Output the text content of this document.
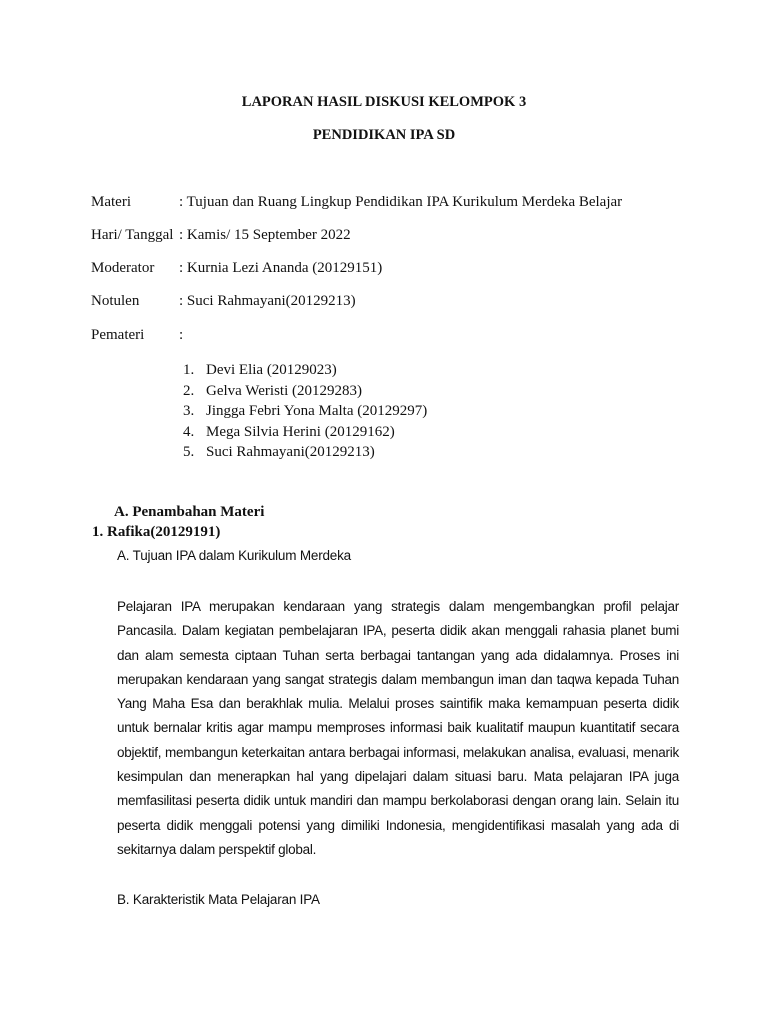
LAPORAN HASIL DISKUSI KELOMPOK 3
PENDIDIKAN IPA SD
Materi	: Tujuan dan Ruang Lingkup Pendidikan IPA Kurikulum Merdeka Belajar
Hari/ Tanggal : Kamis/ 15 September 2022
Moderator	: Kurnia Lezi Ananda (20129151)
Notulen	: Suci Rahmayani(20129213)
Pemateri	:
1. Devi Elia (20129023)
2. Gelva Weristi (20129283)
3. Jingga Febri Yona Malta (20129297)
4. Mega Silvia Herini (20129162)
5. Suci Rahmayani(20129213)
A. Penambahan Materi
1. Rafika(20129191)
A. Tujuan IPA dalam Kurikulum Merdeka
Pelajaran IPA merupakan kendaraan yang strategis dalam mengembangkan profil pelajar Pancasila. Dalam kegiatan pembelajaran IPA, peserta didik akan menggali rahasia planet bumi dan alam semesta ciptaan Tuhan serta berbagai tantangan yang ada didalamnya. Proses ini merupakan kendaraan yang sangat strategis dalam membangun iman dan taqwa kepada Tuhan Yang Maha Esa dan berakhlak mulia. Melalui proses saintifik maka kemampuan peserta didik untuk bernalar kritis agar mampu memproses informasi baik kualitatif maupun kuantitatif secara objektif, membangun keterkaitan antara berbagai informasi, melakukan analisa, evaluasi, menarik kesimpulan dan menerapkan hal yang dipelajari dalam situasi baru. Mata pelajaran IPA juga memfasilitasi peserta didik untuk mandiri dan mampu berkolaborasi dengan orang lain. Selain itu peserta didik menggali potensi yang dimiliki Indonesia, mengidentifikasi masalah yang ada di sekitarnya dalam perspektif global.
B. Karakteristik Mata Pelajaran IPA
